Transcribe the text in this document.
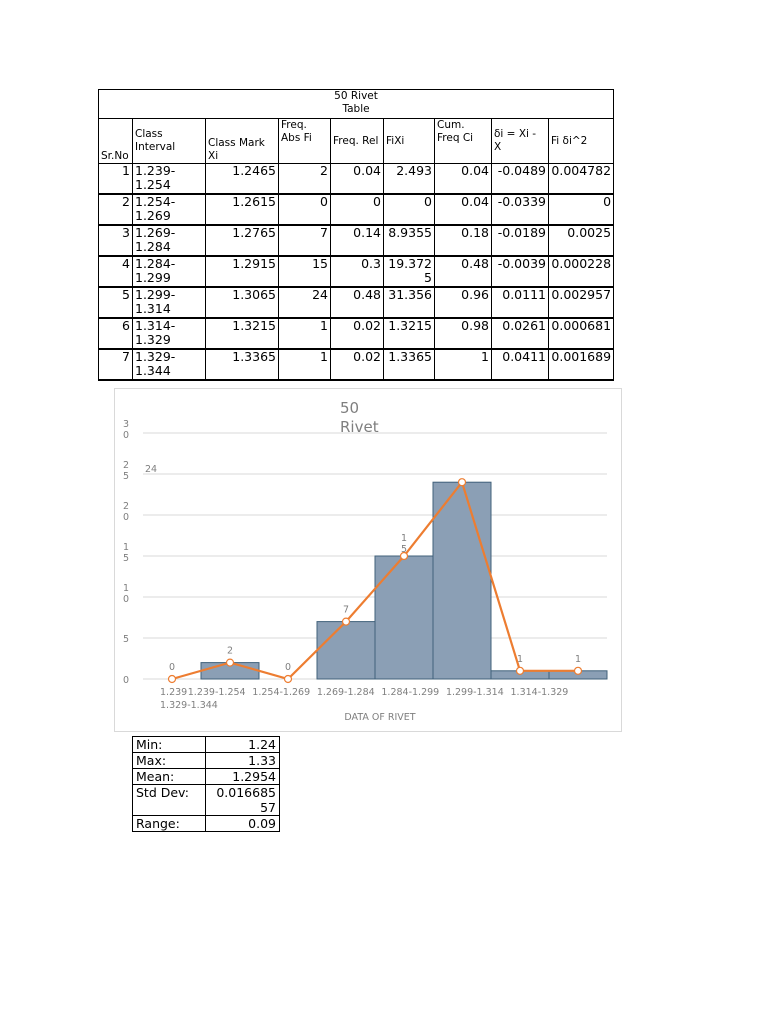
50 Rivet
Table								

Sr.No	Class Interval	Class Mark Xi	Freq. Abs Fi	Freq. Rel	FiXi	Cum. Freq Ci	δi = Xi - X	Fi δi^2
1	1.239-1.254	1.2465	2	0.04	2.493	0.04	-0.0489	0.004782
2	1.254-1.269	1.2615	0	0	0	0.04	-0.0339	0
3	1.269-1.284	1.2765	7	0.14	8.9355	0.18	-0.0189	0.0025
4	1.284-1.299	1.2915	15	0.3	19.3725	0.48	-0.0039	0.000228
5	1.299-1.314	1.3065	24	0.48	31.356	0.96	0.0111	0.002957
6	1.314-1.329	1.3215	1	0.02	1.3215	0.98	0.0261	0.000681
7	1.329-1.344	1.3365	1	0.02	1.3365	1	0.0411	0.001689
50
Rivet
0
5
1 0
1 5
2 0
2 5
3 0
0
2
0
7
1 5
1	1
24
1.239 1.239-1.254 1.254-1.269 1.269-1.284 1.284-1.299 1.299-1.314 1.314-1.329
1.329-1.344
DATA OF RIVET
Min:	1.24
Max:	1.33
Mean:	1.2954
Std Dev:	0.01668557
Range:	0.09
